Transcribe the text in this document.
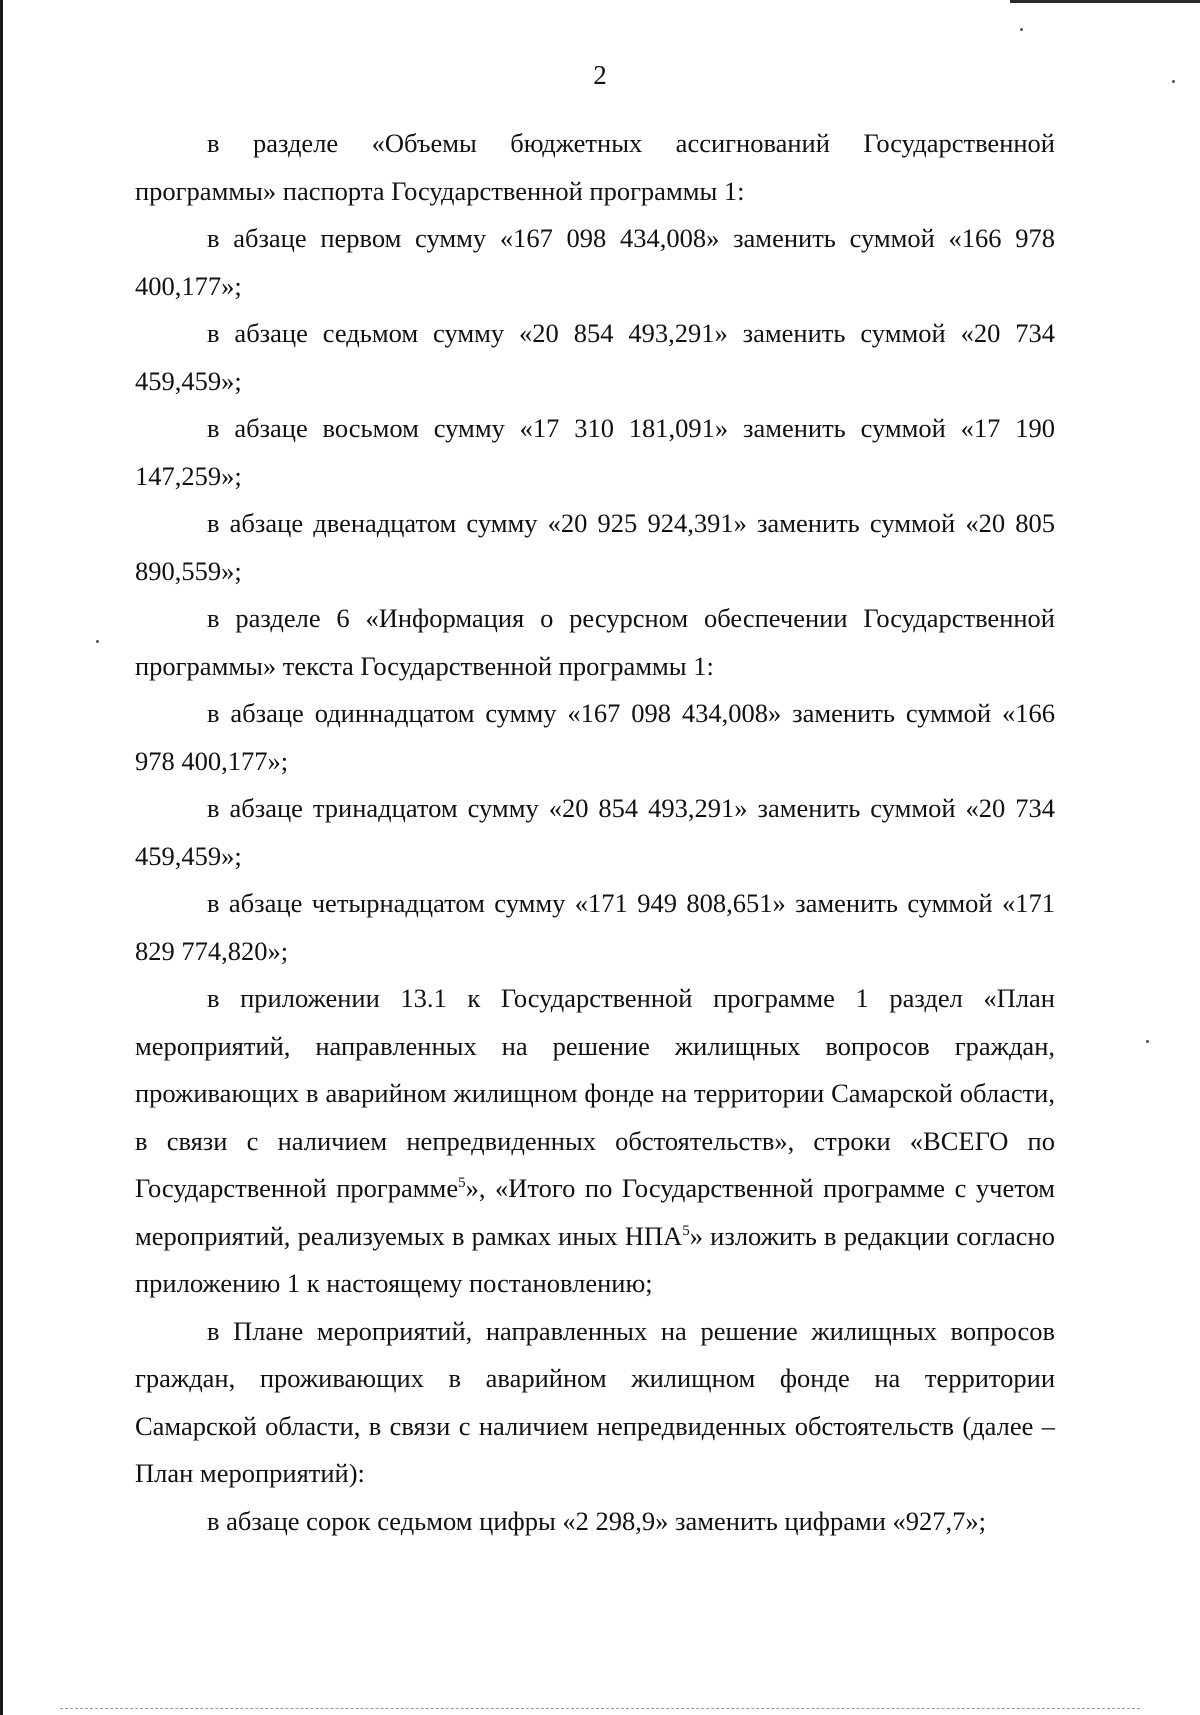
2

в разделе «Объемы бюджетных ассигнований Государственной программы» паспорта Государственной программы 1:

в абзаце первом сумму «167 098 434,008» заменить суммой «166 978 400,177»;

в абзаце седьмом сумму «20 854 493,291» заменить суммой «20 734 459,459»;

в абзаце восьмом сумму «17 310 181,091» заменить суммой «17 190 147,259»;

в абзаце двенадцатом сумму «20 925 924,391» заменить суммой «20 805 890,559»;

в разделе 6 «Информация о ресурсном обеспечении Государственной программы» текста Государственной программы 1:

в абзаце одиннадцатом сумму «167 098 434,008» заменить суммой «166 978 400,177»;

в абзаце тринадцатом сумму «20 854 493,291» заменить суммой «20 734 459,459»;

в абзаце четырнадцатом сумму «171 949 808,651» заменить суммой «171 829 774,820»;

в приложении 13.1 к Государственной программе 1 раздел «План мероприятий, направленных на решение жилищных вопросов граждан, проживающих в аварийном жилищном фонде на территории Самарской области, в связи с наличием непредвиденных обстоятельств», строки «ВСЕГО по Государственной программе$^5$», «Итого по Государственной программе с учетом мероприятий, реализуемых в рамках иных НПА$^5$» изложить в редакции согласно приложению 1 к настоящему постановлению;

в Плане мероприятий, направленных на решение жилищных вопросов граждан, проживающих в аварийном жилищном фонде на территории Самарской области, в связи с наличием непредвиденных обстоятельств (далее – План мероприятий):

в абзаце сорок седьмом цифры «2 298,9» заменить цифрами «927,7»;
